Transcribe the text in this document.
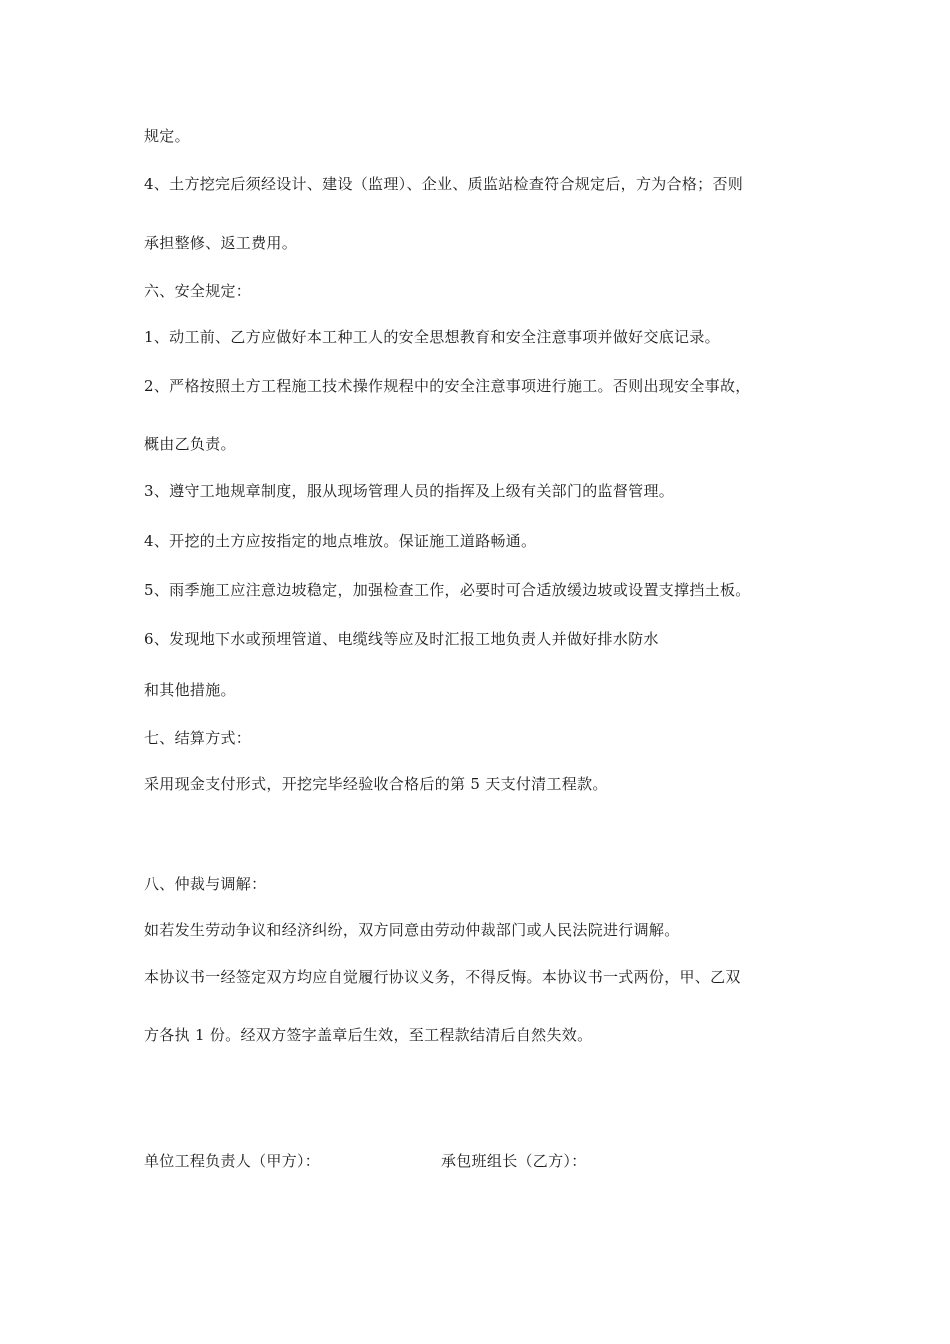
规定。
4、土方挖完后须经设计、建设（监理）、企业、质监站检查符合规定后，方为合格；否则
承担整修、返工费用。
六、安全规定：
1、动工前、乙方应做好本工种工人的安全思想教育和安全注意事项并做好交底记录。
2、严格按照土方工程施工技术操作规程中的安全注意事项进行施工。否则出现安全事故，
概由乙负责。
3、遵守工地规章制度，服从现场管理人员的指挥及上级有关部门的监督管理。
4、开挖的土方应按指定的地点堆放。保证施工道路畅通。
5、雨季施工应注意边坡稳定，加强检查工作，必要时可合适放缓边坡或设置支撑挡土板。
6、发现地下水或预埋管道、电缆线等应及时汇报工地负责人并做好排水防水
和其他措施。
七、结算方式：
采用现金支付形式，开挖完毕经验收合格后的第 5 天支付清工程款。
八、仲裁与调解：
如若发生劳动争议和经济纠纷，双方同意由劳动仲裁部门或人民法院进行调解。
本协议书一经签定双方均应自觉履行协议义务，不得反悔。本协议书一式两份，甲、乙双
方各执 1 份。经双方签字盖章后生效，至工程款结清后自然失效。
单位工程负责人（甲方）：	承包班组长（乙方）：
